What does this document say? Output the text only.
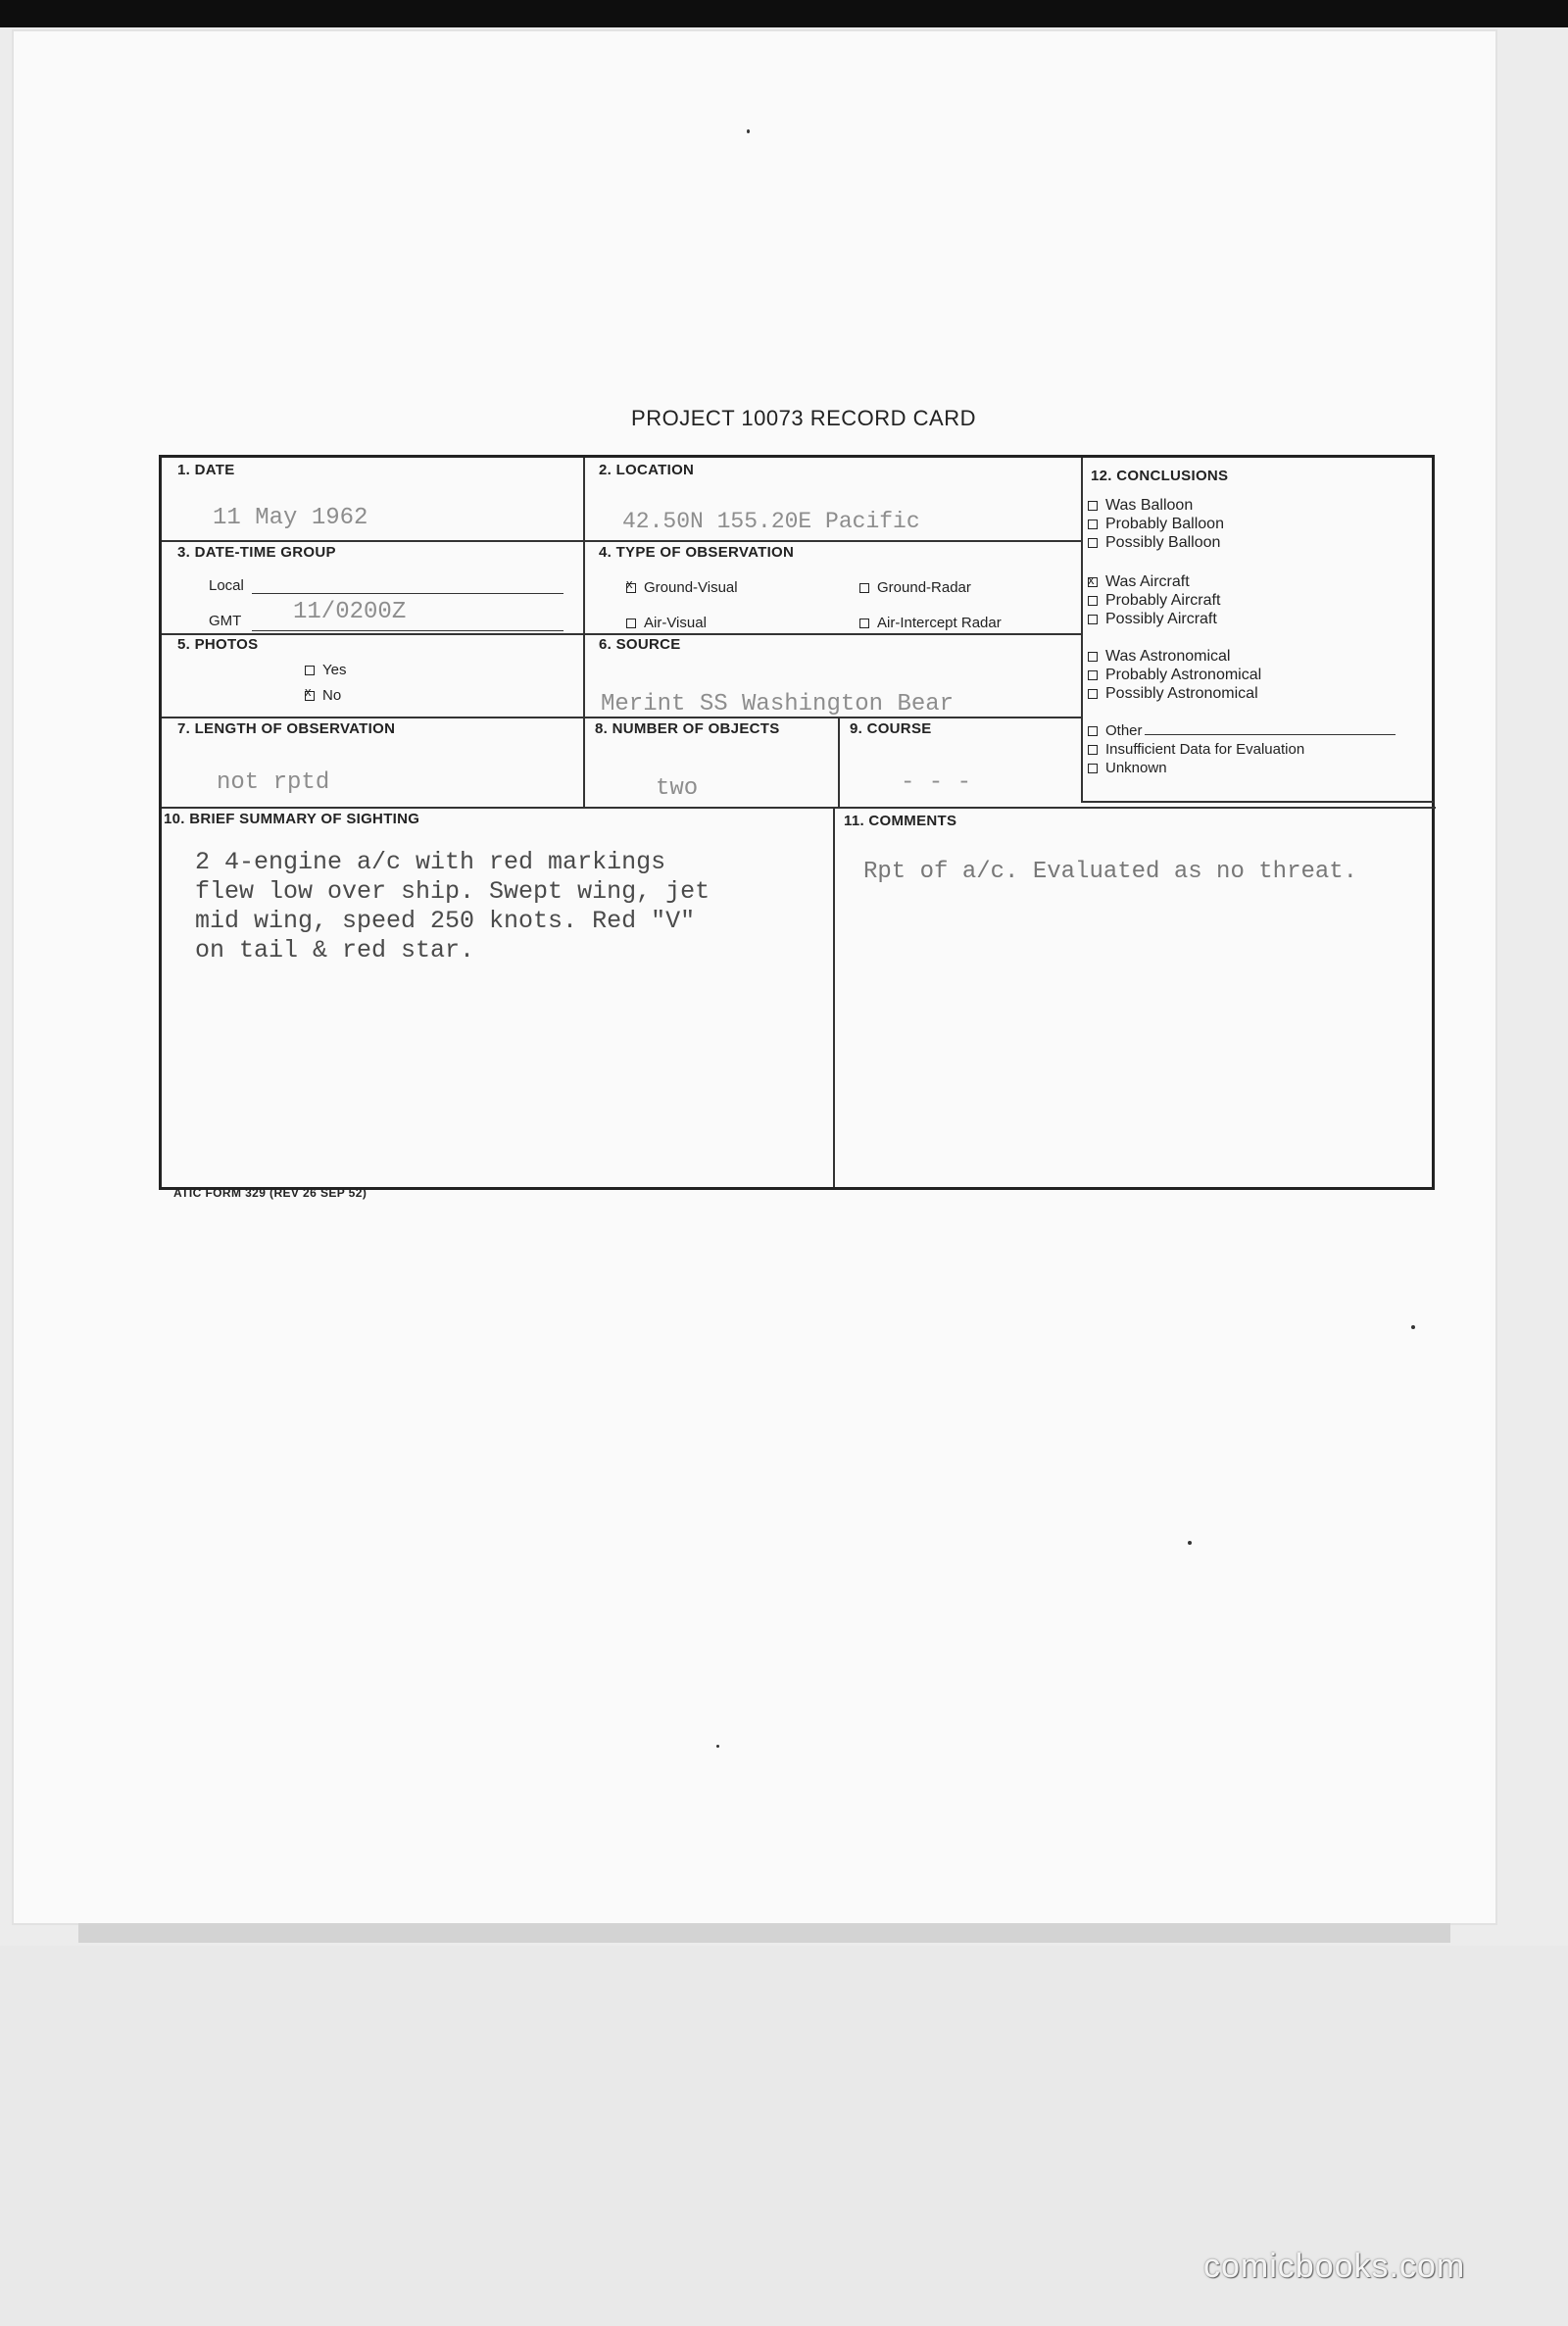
PROJECT 10073 RECORD CARD
1. DATE
11 May 1962
2. LOCATION
42.50N 155.20E Pacific
3. DATE-TIME GROUP
Local
GMT 11/0200Z
4. TYPE OF OBSERVATION
xGround-Visual	Ground-Radar
Air-Visual	Air-Intercept Radar
5. PHOTOS
Yes
xNo
6. SOURCE
Merint SS Washington Bear
7. LENGTH OF OBSERVATION
not rptd
8. NUMBER OF OBJECTS
two
9. COURSE
- - -
10. BRIEF SUMMARY OF SIGHTING
2 4-engine a/c with red markings
flew low over ship. Swept wing, jet
mid wing, speed 250 knots. Red "V"
on tail & red star.
11. COMMENTS
Rpt of a/c. Evaluated as no threat.
12. CONCLUSIONS
Was Balloon
Probably Balloon
Possibly Balloon
xWas Aircraft
Probably Aircraft
Possibly Aircraft
Was Astronomical
Probably Astronomical
Possibly Astronomical
Other
Insufficient Data for Evaluation
Unknown
ATIC FORM 329 (REV 26 SEP 52)
comicbooks.com
